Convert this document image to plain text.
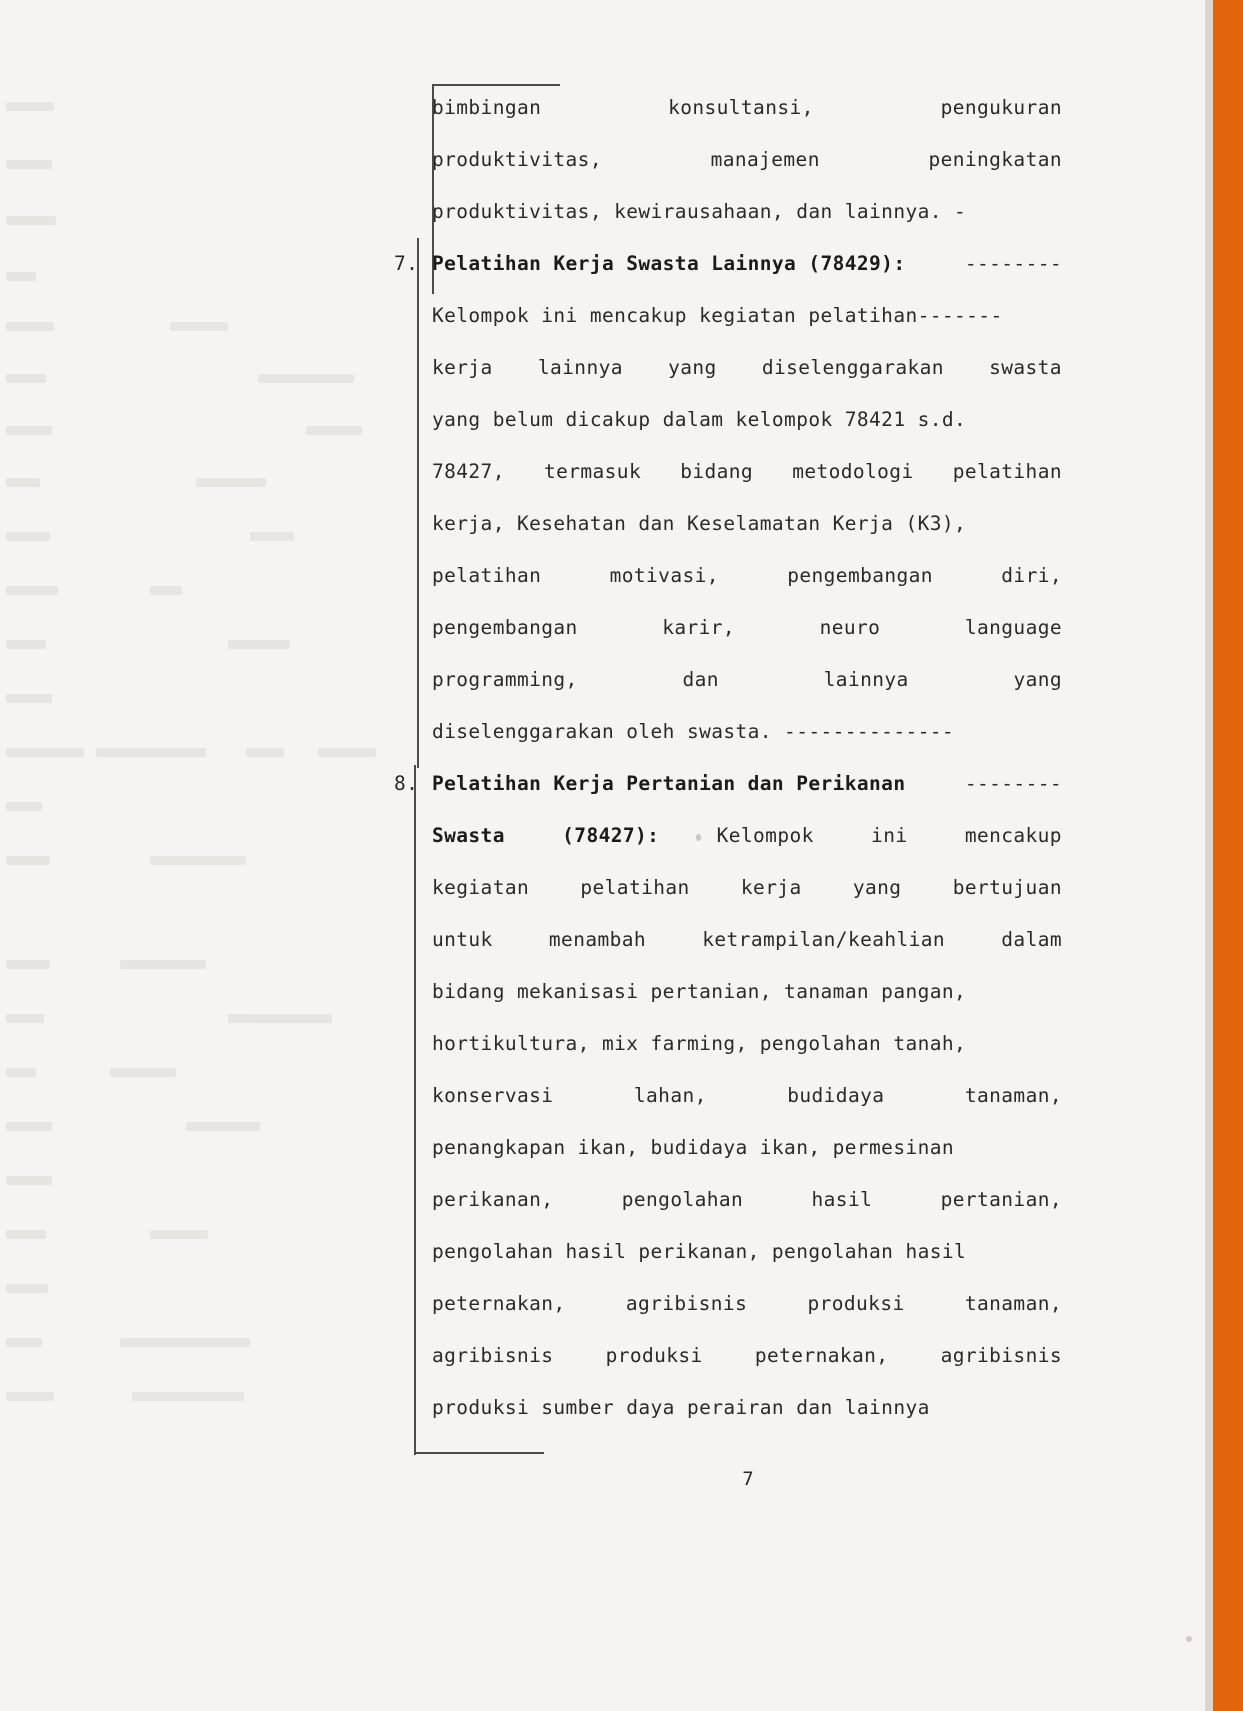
bimbingan	konsultansi,	pengukuran
produktivitas,	manajemen	peningkatan
produktivitas, kewirausahaan, dan lainnya. -
7. Pelatihan Kerja Swasta Lainnya (78429):	--------
Kelompok ini mencakup kegiatan pelatihan-------
kerja lainnya yang diselenggarakan swasta
yang belum dicakup dalam kelompok 78421 s.d.
78427, termasuk bidang metodologi pelatihan
kerja, Kesehatan dan Keselamatan Kerja (K3),
pelatihan	motivasi,	pengembangan	diri,
pengembangan	karir,	neuro	language
programming,	dan	lainnya	yang
diselenggarakan oleh swasta. --------------
8. Pelatihan Kerja Pertanian dan Perikanan	--------
Swasta	(78427):	Kelompok	ini	mencakup
kegiatan	pelatihan	kerja	yang	bertujuan
untuk	menambah	ketrampilan/keahlian	dalam
bidang mekanisasi pertanian, tanaman pangan,
hortikultura, mix farming, pengolahan tanah,
konservasi	lahan,	budidaya	tanaman,
penangkapan ikan, budidaya ikan, permesinan
perikanan,	pengolahan	hasil	pertanian,
pengolahan hasil perikanan, pengolahan hasil
peternakan,	agribisnis	produksi	tanaman,
agribisnis	produksi	peternakan,	agribisnis
produksi sumber daya perairan dan lainnya
7
